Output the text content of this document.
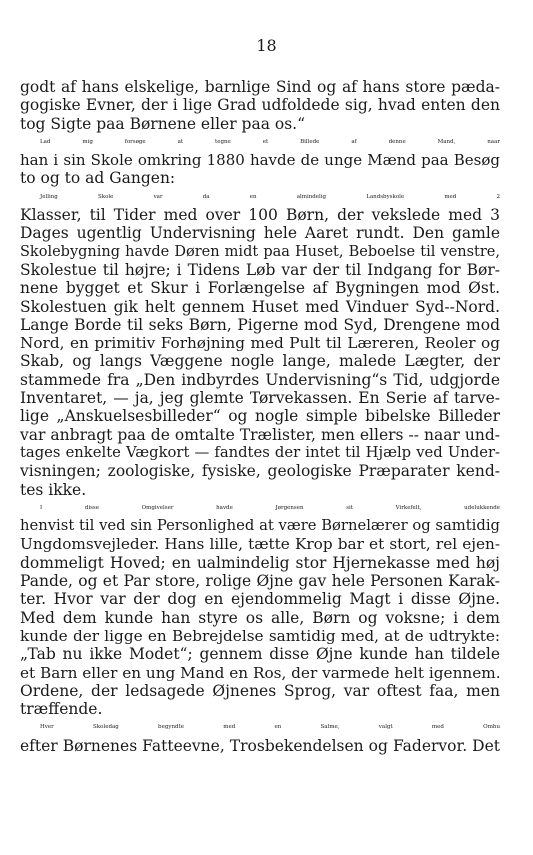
18
godt af hans elskelige, barnlige Sind og af hans store pæda-
gogiske Evner, der i lige Grad udfoldede sig, hvad enten den
tog Sigte paa Børnene eller paa os.“
Lad mig forsøge at tegne et Billede af denne Mand, naar
han i sin Skole omkring 1880 havde de unge Mænd paa Besøg
to og to ad Gangen:
Jelling Skole var da en almindelig Landsbyskole med 2
Klasser, til Tider med over 100 Børn, der vekslede med 3
Dages ugentlig Undervisning hele Aaret rundt. Den gamle
Skolebygning havde Døren midt paa Huset, Beboelse til venstre,
Skolestue til højre; i Tidens Løb var der til Indgang for Bør-
nene bygget et Skur i Forlængelse af Bygningen mod Øst.
Skolestuen gik helt gennem Huset med Vinduer Syd--Nord.
Lange Borde til seks Børn, Pigerne mod Syd, Drengene mod
Nord, en primitiv Forhøjning med Pult til Læreren, Reoler og
Skab, og langs Væggene nogle lange, malede Lægter, der
stammede fra „Den indbyrdes Undervisning“s Tid, udgjorde
Inventaret, — ja, jeg glemte Tørvekassen. En Serie af tarve-
lige „Anskuelsesbilleder“ og nogle simple bibelske Billeder
var anbragt paa de omtalte Trælister, men ellers -- naar und-
tages enkelte Vægkort — fandtes der intet til Hjælp ved Under-
visningen; zoologiske, fysiske, geologiske Præparater kend-
tes ikke.
I disse Omgivelser havde Jørgensen sit Virkefelt, udelukkende
henvist til ved sin Personlighed at være Børnelærer og samtidig
Ungdomsvejleder. Hans lille, tætte Krop bar et stort, rel ejen-
dommeligt Hoved; en ualmindelig stor Hjernekasse med høj
Pande, og et Par store, rolige Øjne gav hele Personen Karak-
ter. Hvor var der dog en ejendommelig Magt i disse Øjne.
Med dem kunde han styre os alle, Børn og voksne; i dem
kunde der ligge en Bebrejdelse samtidig med, at de udtrykte:
„Tab nu ikke Modet“; gennem disse Øjne kunde han tildele
et Barn eller en ung Mand en Ros, der varmede helt igennem.
Ordene, der ledsagede Øjnenes Sprog, var oftest faa, men
træffende.
Hver Skoledag begyndte med en Salme, valgt med Omhu
efter Børnenes Fatteevne, Trosbekendelsen og Fadervor. Det
